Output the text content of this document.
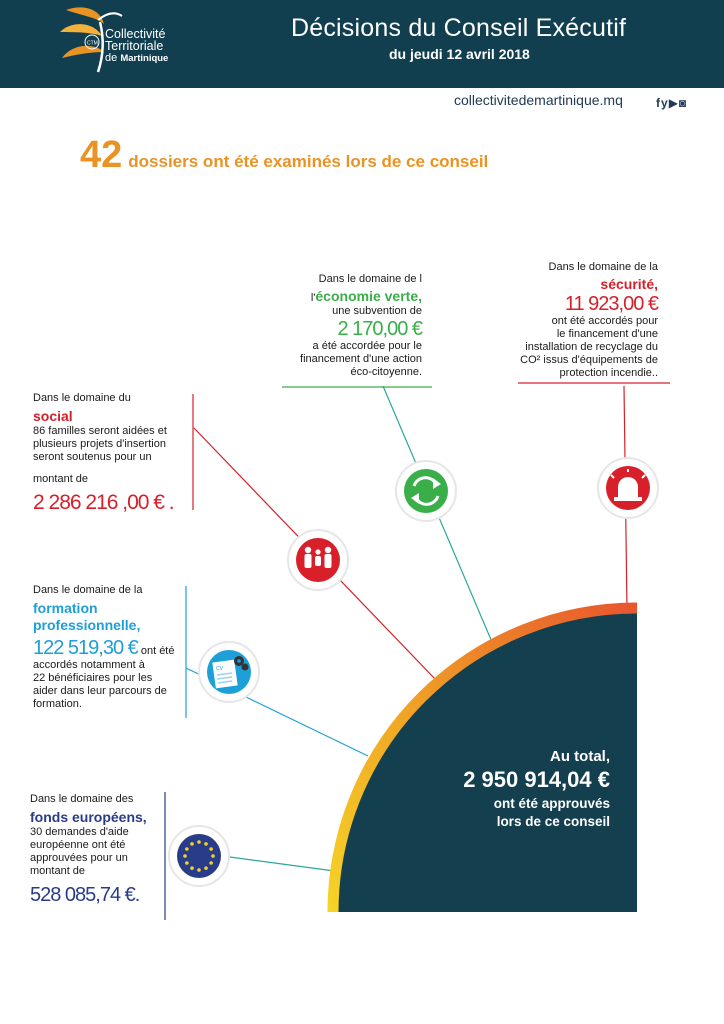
CTM
Collectivité
Territoriale
de Martinique
Décisions du Conseil Exécutif
du jeudi 12 avril 2018
collectivitedemartinique.mq	fy▶◙
42 dossiers ont été examinés lors de ce conseil
CV
Dans le domaine de l
l'économie verte,
une subvention de
2 170,00 €
a été accordée pour le
financement d'une action
éco-citoyenne.
Dans le domaine de la
sécurité,
11 923,00 €
ont été accordés pour
le financement d'une
installation de recyclage du
CO² issus d'équipements de
protection incendie..
Dans le domaine du
social
86 familles seront aidées et
plusieurs projets d'insertion
seront soutenus pour un
montant de
2 286 216 ,00 € .
Dans le domaine de la
formation
professionnelle,
122 519,30 € ont été
accordés notamment à
22 bénéficiaires pour les
aider dans leur parcours de
formation.
Dans le domaine des
fonds européens,
30 demandes d'aide
européenne ont été
approuvées pour un
montant de
528 085,74 €.
Au total,
2 950 914,04 €
ont été approuvés
lors de ce conseil
